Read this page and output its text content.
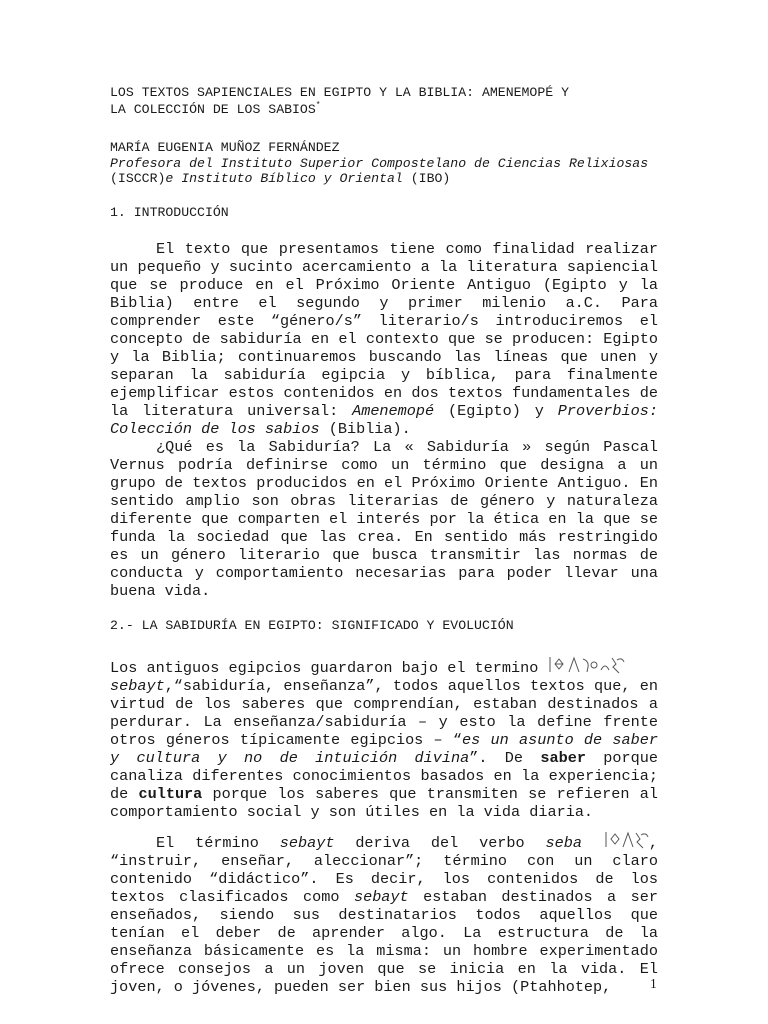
LOS TEXTOS SAPIENCIALES EN EGIPTO Y LA BIBLIA: AMENEMOPÉ Y
LA COLECCIÓN DE LOS SABIOS*

MARÍA EUGENIA MUÑOZ FERNÁNDEZ

Profesora del Instituto Superior Compostelano de Ciencias Relixiosas
(ISCCR)e Instituto Bíblico y Oriental (IBO)

1. INTRODUCCIÓN

El texto que presentamos tiene como finalidad realizar un pequeño y sucinto acercamiento a la literatura sapiencial que se produce en el Próximo Oriente Antiguo (Egipto y la Biblia) entre el segundo y primer milenio a.C. Para comprender este “género/s” literario/s introduciremos el concepto de sabiduría en el contexto que se producen: Egipto y la Biblia; continuaremos buscando las líneas que unen y separan la sabiduría egipcia y bíblica, para finalmente ejemplificar estos contenidos en dos textos fundamentales de la literatura universal: Amenemopé (Egipto) y Proverbios: Colección de los sabios (Biblia).

¿Qué es la Sabiduría? La « Sabiduría » según Pascal Vernus podría definirse como un término que designa a un grupo de textos producidos en el Próximo Oriente Antiguo. En sentido amplio son obras literarias de género y naturaleza diferente que comparten el interés por la ética en la que se funda la sociedad que las crea. En sentido más restringido es un género literario que busca transmitir las normas de conducta y comportamiento necesarias para poder llevar una buena vida.

2.- LA SABIDURÍA EN EGIPTO: SIGNIFICADO Y EVOLUCIÓN

Los antiguos egipcios guardaron bajo el termino
sebayt,“sabiduría, enseñanza”, todos aquellos textos que, en virtud de los saberes que comprendían, estaban destinados a perdurar. La enseñanza/sabiduría – y esto la define frente otros géneros típicamente egipcios – “es un asunto de saber y cultura y no de intuición divina”. De saber porque canaliza diferentes conocimientos basados en la experiencia; de cultura porque los saberes que transmiten se refieren al comportamiento social y son útiles en la vida diaria.

El término sebayt deriva del verbo seba	, “instruir, enseñar, aleccionar”; término con un claro contenido “didáctico”. Es decir, los contenidos de los textos clasificados como sebayt estaban destinados a ser enseñados, siendo sus destinatarios todos aquellos que tenían el deber de aprender algo. La estructura de la enseñanza básicamente es la misma: un hombre experimentado ofrece consejos a un joven que se inicia en la vida. El joven, o jóvenes, pueden ser bien sus hijos (Ptahhotep,	1
